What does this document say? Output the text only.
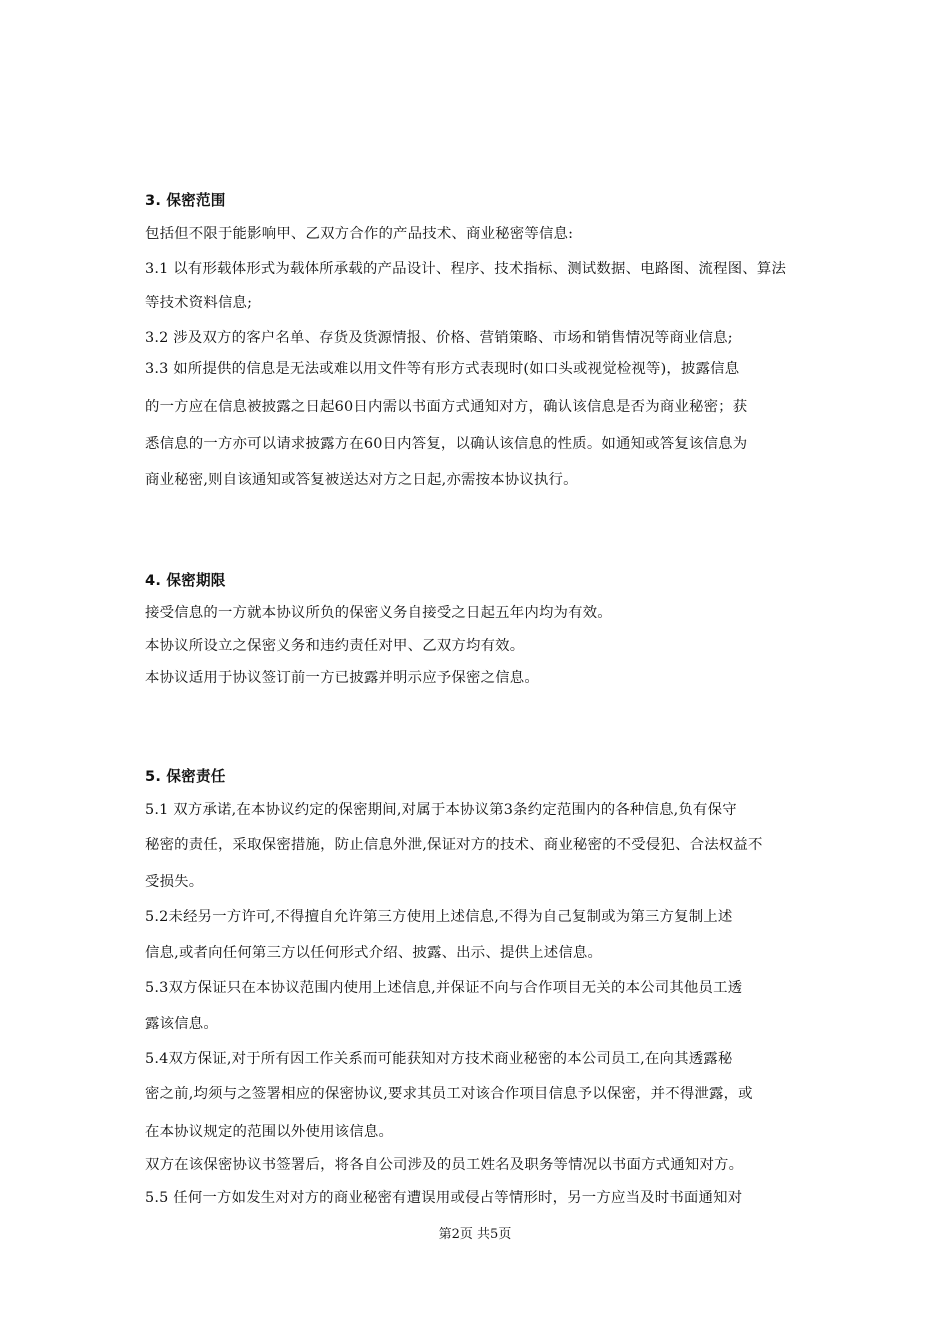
3. 保密范围
包括但不限于能影响甲、乙双方合作的产品技术、商业秘密等信息:
3.1 以有形载体形式为载体所承载的产品设计、程序、技术指标、测试数据、电路图、流程图、算法
等技术资料信息;
3.2 涉及双方的客户名单、存货及货源情报、价格、营销策略、市场和销售情况等商业信息;
3.3 如所提供的信息是无法或难以用文件等有形方式表现时(如口头或视觉检视等)，披露信息
的一方应在信息被披露之日起60日内需以书面方式通知对方，确认该信息是否为商业秘密；获
悉信息的一方亦可以请求披露方在60日内答复，以确认该信息的性质。如通知或答复该信息为
商业秘密,则自该通知或答复被送达对方之日起,亦需按本协议执行。
4. 保密期限
接受信息的一方就本协议所负的保密义务自接受之日起五年内均为有效。
本协议所设立之保密义务和违约责任对甲、乙双方均有效。
本协议适用于协议签订前一方已披露并明示应予保密之信息。
5. 保密责任
5.1 双方承诺,在本协议约定的保密期间,对属于本协议第3条约定范围内的各种信息,负有保守
秘密的责任，采取保密措施，防止信息外泄,保证对方的技术、商业秘密的不受侵犯、合法权益不
受损失。
5.2未经另一方许可,不得擅自允许第三方使用上述信息,不得为自己复制或为第三方复制上述
信息,或者向任何第三方以任何形式介绍、披露、出示、提供上述信息。
5.3双方保证只在本协议范围内使用上述信息,并保证不向与合作项目无关的本公司其他员工透
露该信息。
5.4双方保证,对于所有因工作关系而可能获知对方技术商业秘密的本公司员工,在向其透露秘
密之前,均须与之签署相应的保密协议,要求其员工对该合作项目信息予以保密，并不得泄露，或
在本协议规定的范围以外使用该信息。
双方在该保密协议书签署后，将各自公司涉及的员工姓名及职务等情况以书面方式通知对方。
5.5 任何一方如发生对对方的商业秘密有遭误用或侵占等情形时，另一方应当及时书面通知对
第2页 共5页
